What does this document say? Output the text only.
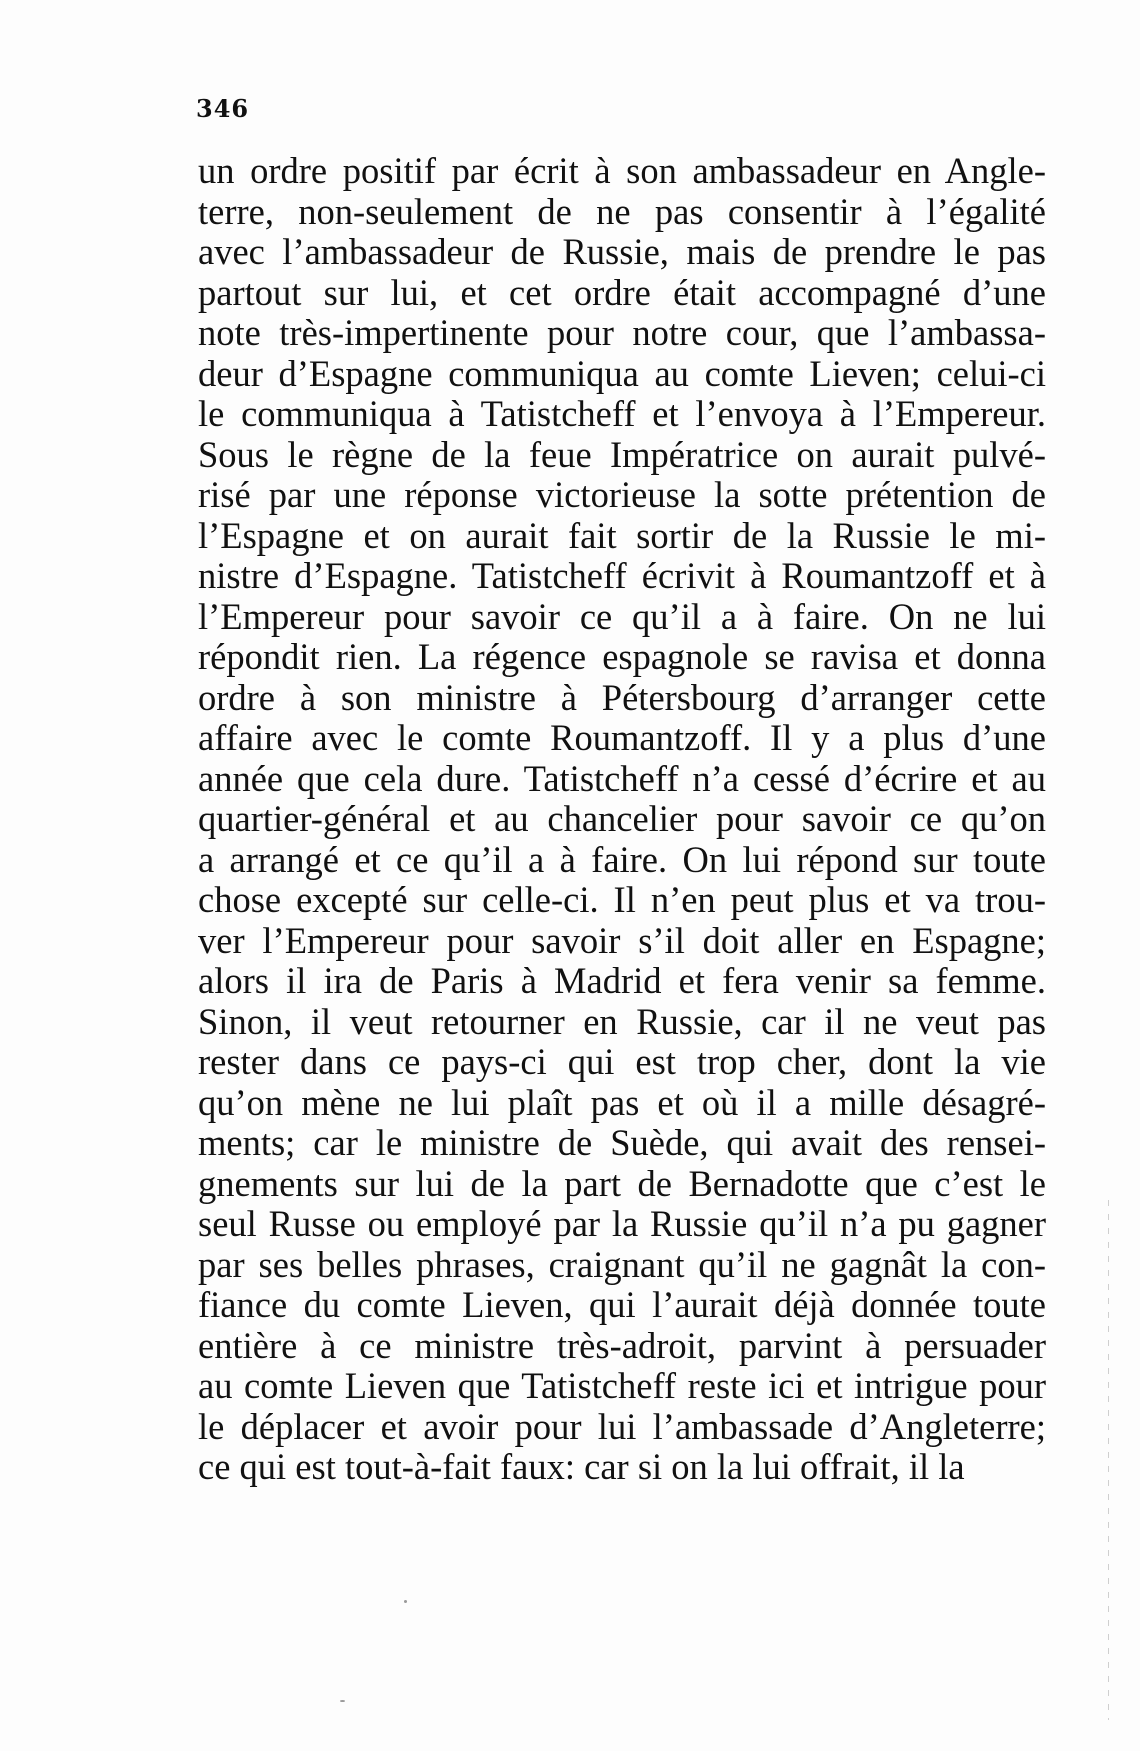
346
un ordre positif par écrit à son ambassadeur en Angle-
terre, non-seulement de ne pas consentir à l’égalité
avec l’ambassadeur de Russie, mais de prendre le pas
partout sur lui, et cet ordre était accompagné d’une
note très-impertinente pour notre cour, que l’ambassa-
deur d’Espagne communiqua au comte Lieven; celui-ci
le communiqua à Tatistcheff et l’envoya à l’Empereur.
Sous le règne de la feue Impératrice on aurait pulvé-
risé par une réponse victorieuse la sotte prétention de
l’Espagne et on aurait fait sortir de la Russie le mi-
nistre d’Espagne. Tatistcheff écrivit à Roumantzoff et à
l’Empereur pour savoir ce qu’il a à faire. On ne lui
répondit rien. La régence espagnole se ravisa et donna
ordre à son ministre à Pétersbourg d’arranger cette
affaire avec le comte Roumantzoff. Il y a plus d’une
année que cela dure. Tatistcheff n’a cessé d’écrire et au
quartier-général et au chancelier pour savoir ce qu’on
a arrangé et ce qu’il a à faire. On lui répond sur toute
chose excepté sur celle-ci. Il n’en peut plus et va trou-
ver l’Empereur pour savoir s’il doit aller en Espagne;
alors il ira de Paris à Madrid et fera venir sa femme.
Sinon, il veut retourner en Russie, car il ne veut pas
rester dans ce pays-ci qui est trop cher, dont la vie
qu’on mène ne lui plaît pas et où il a mille désagré-
ments; car le ministre de Suède, qui avait des rensei-
gnements sur lui de la part de Bernadotte que c’est le
seul Russe ou employé par la Russie qu’il n’a pu gagner
par ses belles phrases, craignant qu’il ne gagnât la con-
fiance du comte Lieven, qui l’aurait déjà donnée toute
entière à ce ministre très-adroit, parvint à persuader
au comte Lieven que Tatistcheff reste ici et intrigue pour
le déplacer et avoir pour lui l’ambassade d’Angleterre;
ce qui est tout-à-fait faux: car si on la lui offrait, il la
